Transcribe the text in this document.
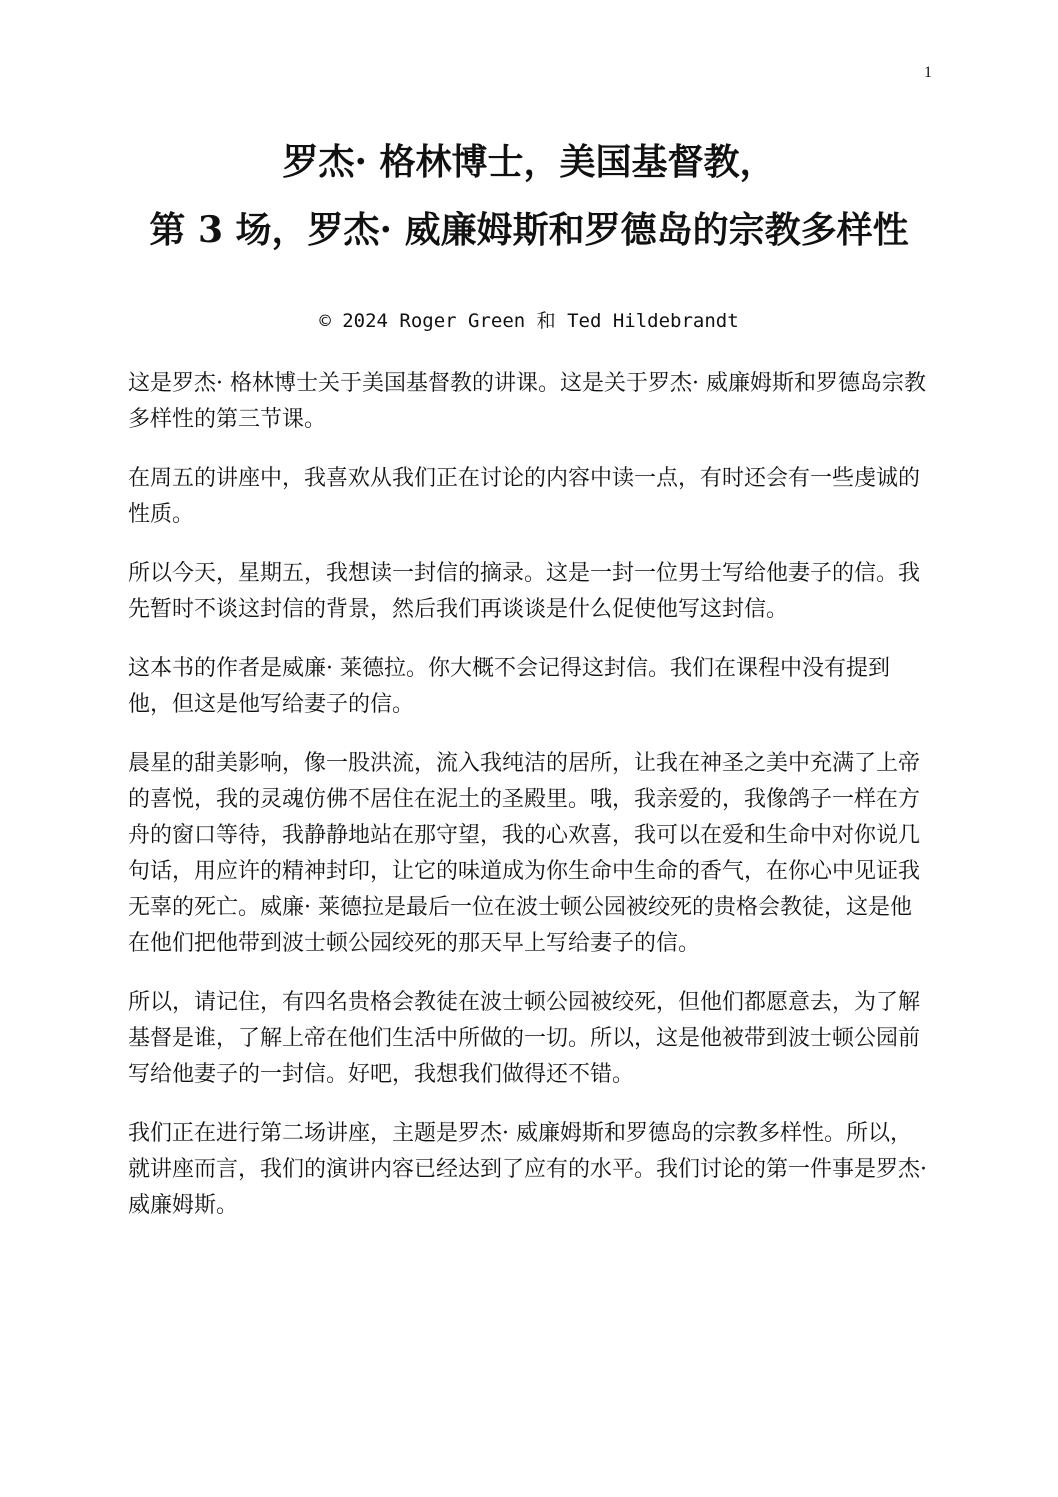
1
罗杰· 格林博士，美国基督教，
第 3 场，罗杰· 威廉姆斯和罗德岛的宗教多样性
© 2024 Roger Green 和 Ted Hildebrandt

这是罗杰· 格林博士关于美国基督教的讲课。这是关于罗杰· 威廉姆斯和罗德岛宗教多样性的第三节课。

在周五的讲座中，我喜欢从我们正在讨论的内容中读一点，有时还会有一些虔诚的性质。

所以今天，星期五，我想读一封信的摘录。这是一封一位男士写给他妻子的信。我先暂时不谈这封信的背景，然后我们再谈谈是什么促使他写这封信。

这本书的作者是威廉· 莱德拉。你大概不会记得这封信。我们在课程中没有提到他，但这是他写给妻子的信。

晨星的甜美影响，像一股洪流，流入我纯洁的居所，让我在神圣之美中充满了上帝的喜悦，我的灵魂仿佛不居住在泥土的圣殿里。哦，我亲爱的，我像鸽子一样在方舟的窗口等待，我静静地站在那守望，我的心欢喜，我可以在爱和生命中对你说几句话，用应许的精神封印，让它的味道成为你生命中生命的香气，在你心中见证我无辜的死亡。威廉· 莱德拉是最后一位在波士顿公园被绞死的贵格会教徒，这是他在他们把他带到波士顿公园绞死的那天早上写给妻子的信。

所以，请记住，有四名贵格会教徒在波士顿公园被绞死，但他们都愿意去，为了解基督是谁，了解上帝在他们生活中所做的一切。所以，这是他被带到波士顿公园前写给他妻子的一封信。好吧，我想我们做得还不错。

我们正在进行第二场讲座，主题是罗杰· 威廉姆斯和罗德岛的宗教多样性。所以，就讲座而言，我们的演讲内容已经达到了应有的水平。我们讨论的第一件事是罗杰· 威廉姆斯。
